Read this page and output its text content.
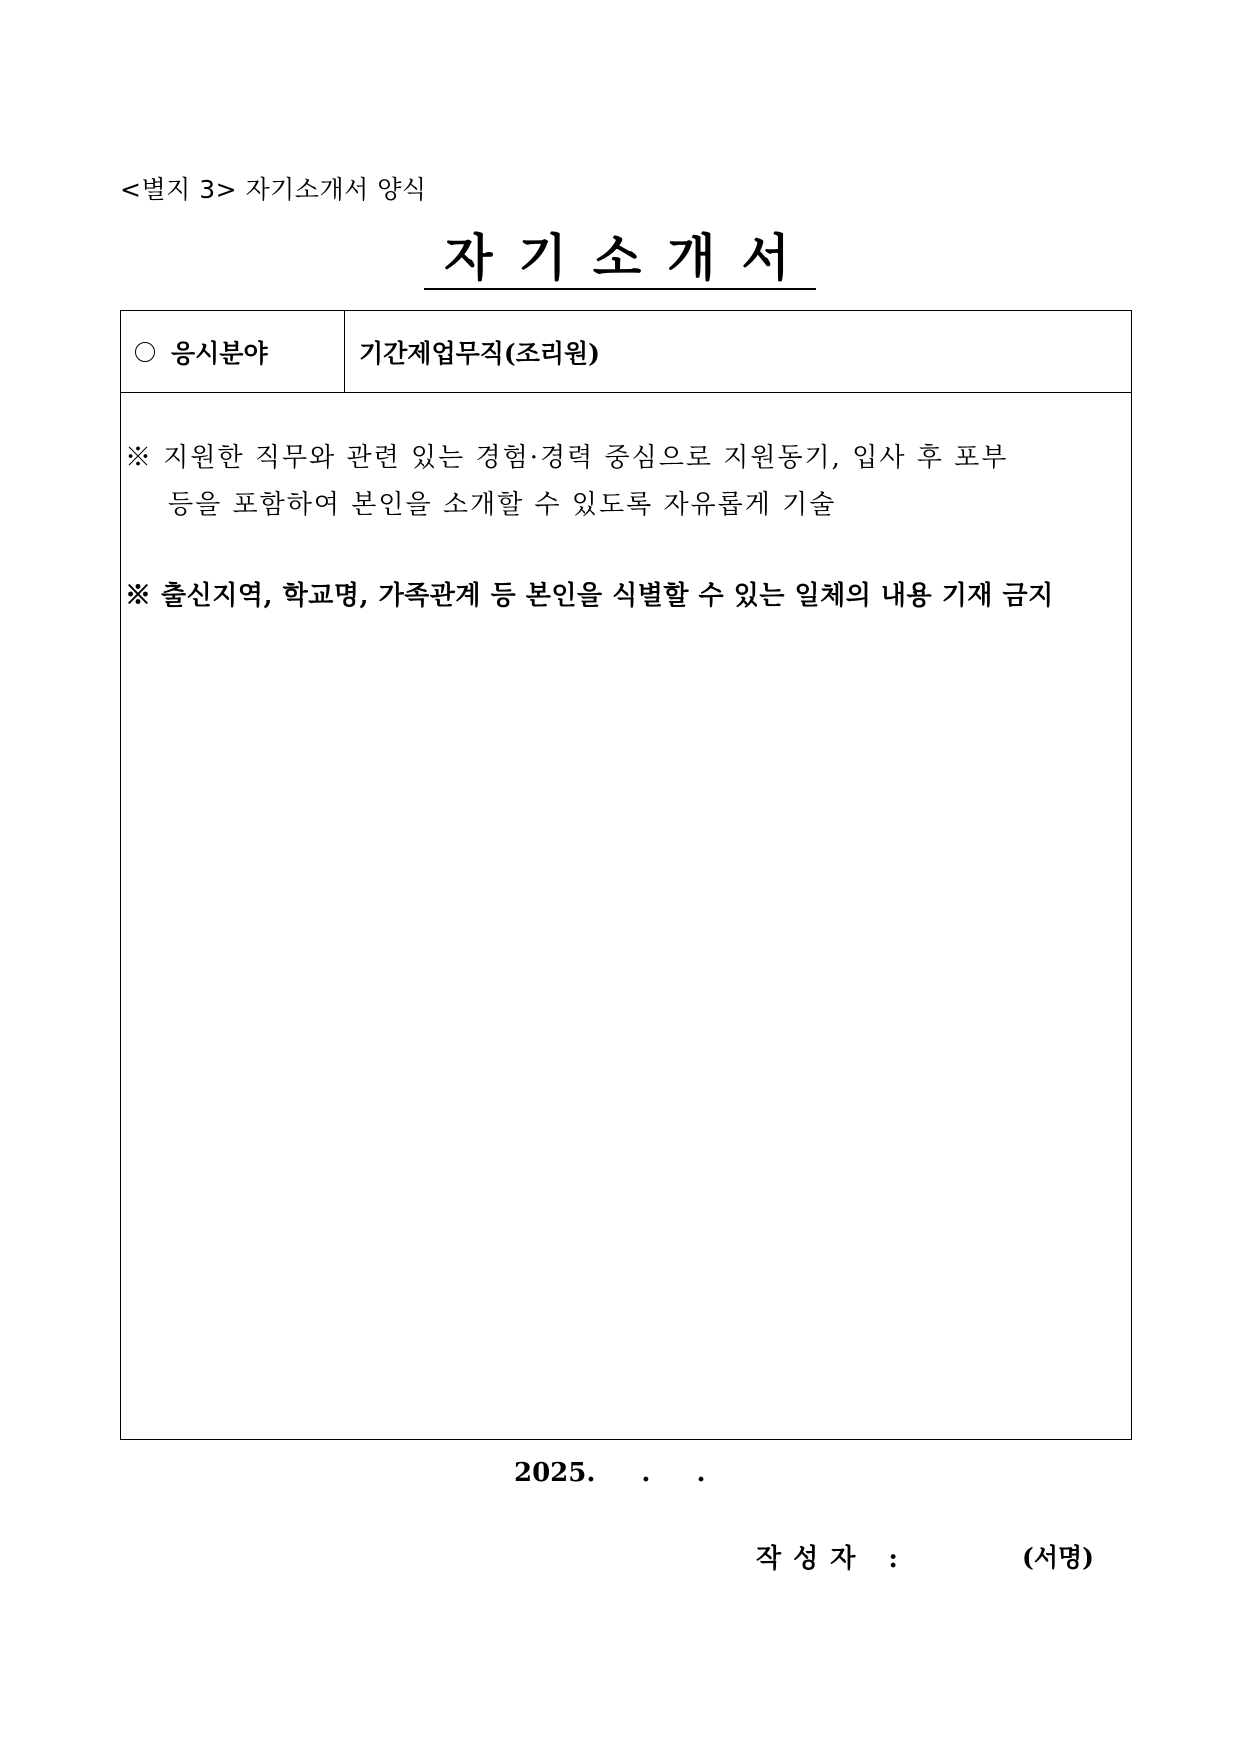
<별지 3> 자기소개서 양식
자기소개서
응시분야	기간제업무직(조리원)
※ 지원한 직무와 관련 있는 경험·경력 중심으로 지원동기, 입사 후 포부
등을 포함하여 본인을 소개할 수 있도록 자유롭게 기술
※ 출신지역, 학교명, 가족관계 등 본인을 식별할 수 있는 일체의 내용 기재 금지
2025. . .
작성자 :	(서명)
